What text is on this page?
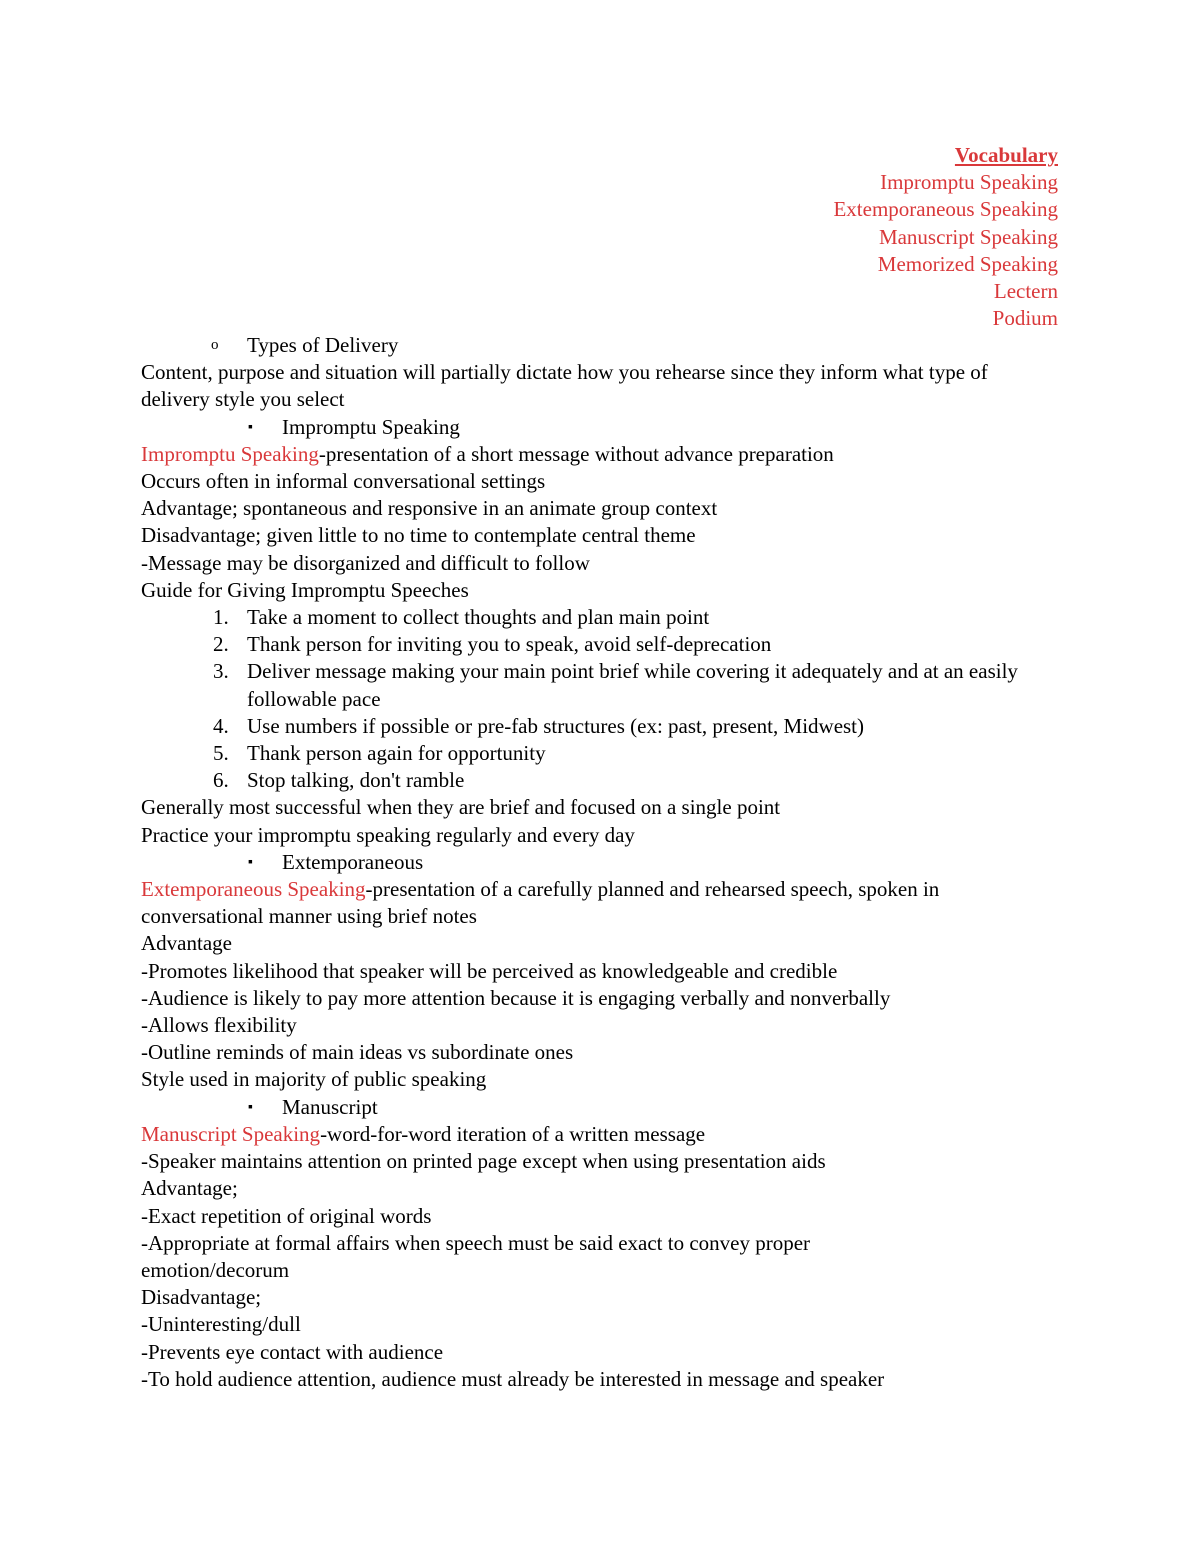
Vocabulary
Impromptu Speaking
Extemporaneous Speaking
Manuscript Speaking
Memorized Speaking
Lectern
Podium
o Types of Delivery
Content, purpose and situation will partially dictate how you rehearse since they inform what type of delivery style you select
▪ Impromptu Speaking
Impromptu Speaking-presentation of a short message without advance preparation
Occurs often in informal conversational settings
Advantage; spontaneous and responsive in an animate group context
Disadvantage; given little to no time to contemplate central theme
-Message may be disorganized and difficult to follow
Guide for Giving Impromptu Speeches
1. Take a moment to collect thoughts and plan main point
2. Thank person for inviting you to speak, avoid self-deprecation
3. Deliver message making your main point brief while covering it adequately and at an easily followable pace
4. Use numbers if possible or pre-fab structures (ex: past, present, Midwest)
5. Thank person again for opportunity
6. Stop talking, don't ramble
Generally most successful when they are brief and focused on a single point
Practice your impromptu speaking regularly and every day
▪ Extemporaneous
Extemporaneous Speaking-presentation of a carefully planned and rehearsed speech, spoken in conversational manner using brief notes
Advantage
-Promotes likelihood that speaker will be perceived as knowledgeable and credible
-Audience is likely to pay more attention because it is engaging verbally and nonverbally
-Allows flexibility
-Outline reminds of main ideas vs subordinate ones
Style used in majority of public speaking
▪ Manuscript
Manuscript Speaking-word-for-word iteration of a written message
-Speaker maintains attention on printed page except when using presentation aids
Advantage;
-Exact repetition of original words
-Appropriate at formal affairs when speech must be said exact to convey proper emotion/decorum
Disadvantage;
-Uninteresting/dull
-Prevents eye contact with audience
-To hold audience attention, audience must already be interested in message and speaker
